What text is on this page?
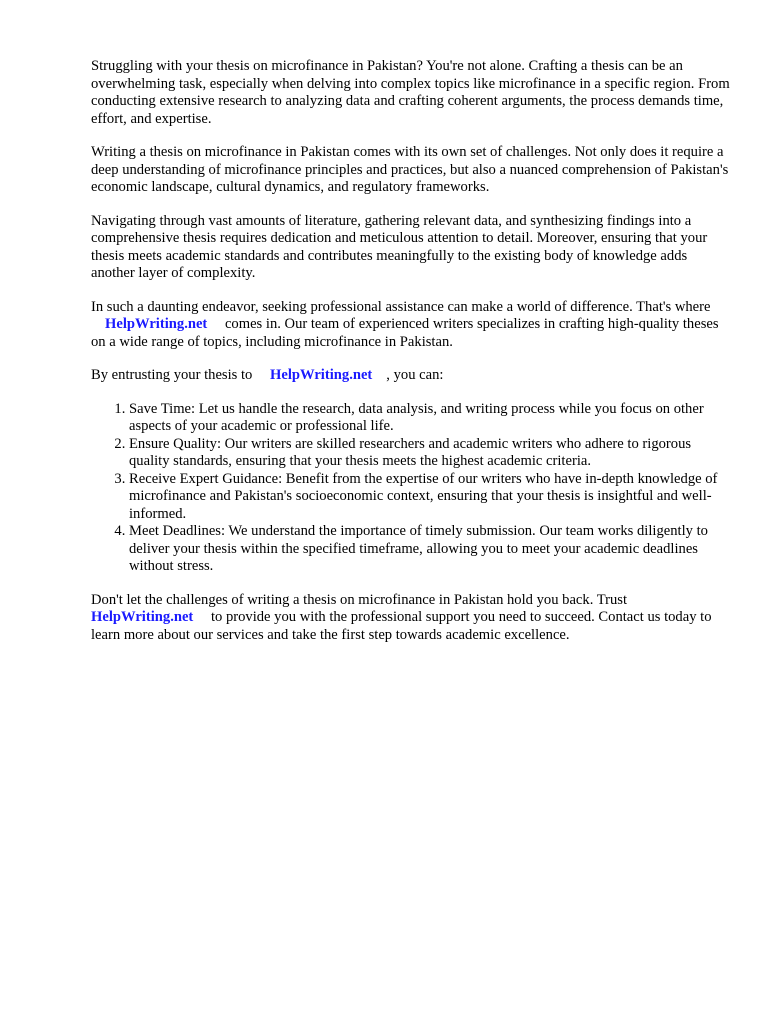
Struggling with your thesis on microfinance in Pakistan? You're not alone. Crafting a thesis can be an overwhelming task, especially when delving into complex topics like microfinance in a specific region. From conducting extensive research to analyzing data and crafting coherent arguments, the process demands time, effort, and expertise.

Writing a thesis on microfinance in Pakistan comes with its own set of challenges. Not only does it require a deep understanding of microfinance principles and practices, but also a nuanced comprehension of Pakistan's economic landscape, cultural dynamics, and regulatory frameworks.

Navigating through vast amounts of literature, gathering relevant data, and synthesizing findings into a comprehensive thesis requires dedication and meticulous attention to detail. Moreover, ensuring that your thesis meets academic standards and contributes meaningfully to the existing body of knowledge adds another layer of complexity.

In such a daunting endeavor, seeking professional assistance can make a world of difference. That's where HelpWriting.net comes in. Our team of experienced writers specializes in crafting high-quality theses on a wide range of topics, including microfinance in Pakistan.

By entrusting your thesis to HelpWriting.net , you can:

1. Save Time: Let us handle the research, data analysis, and writing process while you focus on other aspects of your academic or professional life.
2. Ensure Quality: Our writers are skilled researchers and academic writers who adhere to rigorous quality standards, ensuring that your thesis meets the highest academic criteria.
3. Receive Expert Guidance: Benefit from the expertise of our writers who have in-depth knowledge of microfinance and Pakistan's socioeconomic context, ensuring that your thesis is insightful and well-informed.
4. Meet Deadlines: We understand the importance of timely submission. Our team works diligently to deliver your thesis within the specified timeframe, allowing you to meet your academic deadlines without stress.

Don't let the challenges of writing a thesis on microfinance in Pakistan hold you back. Trust HelpWriting.net to provide you with the professional support you need to succeed. Contact us today to learn more about our services and take the first step towards academic excellence.
